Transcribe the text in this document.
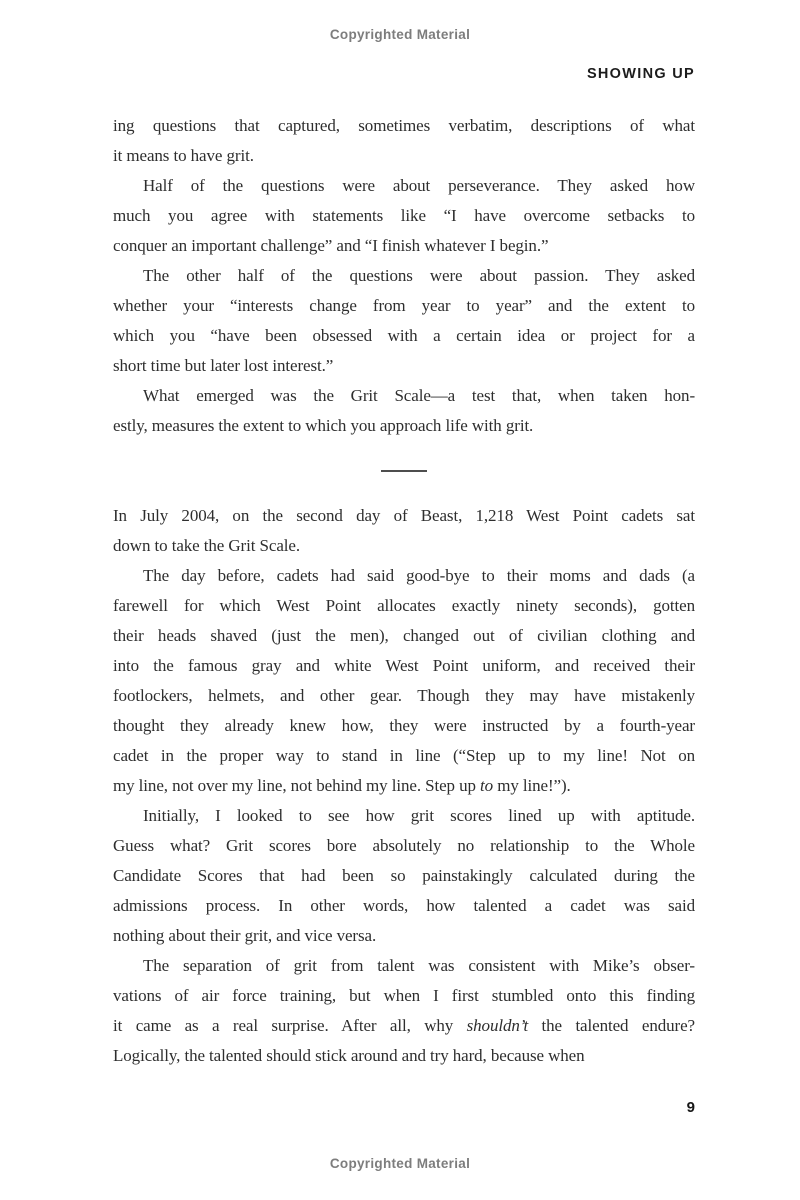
Copyrighted Material
SHOWING UP
ing questions that captured, sometimes verbatim, descriptions of what
it means to have grit.
Half of the questions were about perseverance. They asked how
much you agree with statements like “I have overcome setbacks to
conquer an important challenge” and “I finish whatever I begin.”
The other half of the questions were about passion. They asked
whether your “interests change from year to year” and the extent to
which you “have been obsessed with a certain idea or project for a
short time but later lost interest.”
What emerged was the Grit Scale—a test that, when taken hon-
estly, measures the extent to which you approach life with grit.
In July 2004, on the second day of Beast, 1,218 West Point cadets sat
down to take the Grit Scale.
The day before, cadets had said good-bye to their moms and dads (a
farewell for which West Point allocates exactly ninety seconds), gotten
their heads shaved (just the men), changed out of civilian clothing and
into the famous gray and white West Point uniform, and received their
footlockers, helmets, and other gear. Though they may have mistakenly
thought they already knew how, they were instructed by a fourth-year
cadet in the proper way to stand in line (“Step up to my line! Not on
my line, not over my line, not behind my line. Step up to my line!”).
Initially, I looked to see how grit scores lined up with aptitude.
Guess what? Grit scores bore absolutely no relationship to the Whole
Candidate Scores that had been so painstakingly calculated during the
admissions process. In other words, how talented a cadet was said
nothing about their grit, and vice versa.
The separation of grit from talent was consistent with Mike’s obser-
vations of air force training, but when I first stumbled onto this finding
it came as a real surprise. After all, why shouldn’t the talented endure?
Logically, the talented should stick around and try hard, because when
9
Copyrighted Material
